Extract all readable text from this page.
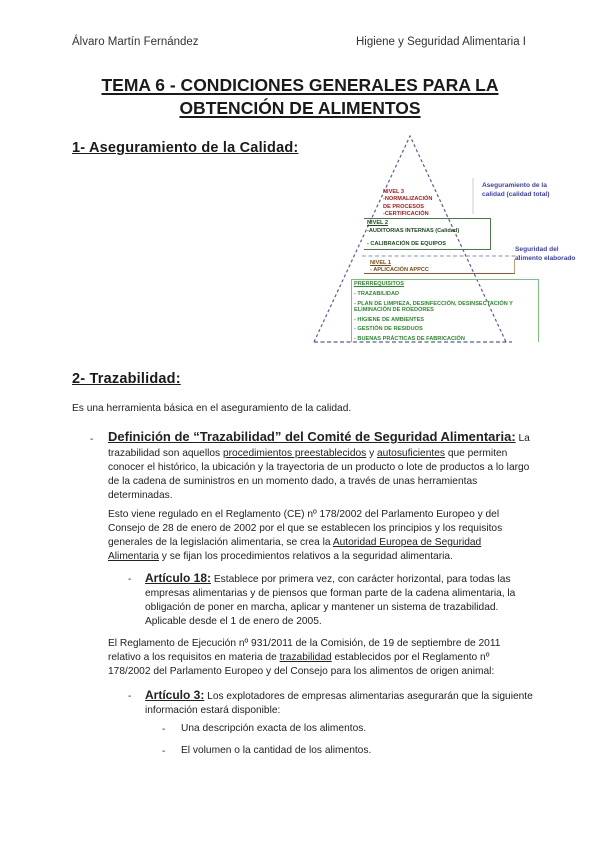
Álvaro Martín Fernández	Higiene y Seguridad Alimentaria I
TEMA 6 - CONDICIONES GENERALES PARA LA
OBTENCIÓN DE ALIMENTOS
1- Aseguramiento de la Calidad:
NIVEL 3
-NORMALIZACIÓN
DE PROCESOS
-CERTIFICACIÓN
NIVEL 2
-AUDITORIAS INTERNAS (Calidad)
- CALIBRACIÓN DE EQUIPOS
NIVEL 1
- APLICACIÓN APPCC
PRERREQUISITOS
- TRAZABILIDAD
- PLAN DE LIMPIEZA, DESINFECCIÓN, DESINSECTACIÓN Y ELIMINACIÓN DE ROEDORES
- HIGIENE DE AMBIENTES
- GESTIÓN DE RESIDUOS
- BUENAS PRÁCTICAS DE FABRICACIÓN
Aseguramiento de la
calidad (calidad total)
Seguridad del
alimento elaborado
2- Trazabilidad:
Es una herramienta básica en el aseguramiento de la calidad.
- Definición de “Trazabilidad” del Comité de Seguridad Alimentaria: La
trazabilidad son aquellos procedimientos preestablecidos y autosuficientes que permiten
conocer el histórico, la ubicación y la trayectoria de un producto o lote de productos a lo largo
de la cadena de suministros en un momento dado, a través de unas herramientas
determinadas.
Esto viene regulado en el Reglamento (CE) nº 178/2002 del Parlamento Europeo y del
Consejo de 28 de enero de 2002 por el que se establecen los principios y los requisitos
generales de la legislación alimentaria, se crea la Autoridad Europea de Seguridad
Alimentaria y se fijan los procedimientos relativos a la seguridad alimentaria.
- Artículo 18: Establece por primera vez, con carácter horizontal, para todas las
empresas alimentarias y de piensos que forman parte de la cadena alimentaria, la
obligación de poner en marcha, aplicar y mantener un sistema de trazabilidad.
Aplicable desde el 1 de enero de 2005.
El Reglamento de Ejecución nº 931/2011 de la Comisión, de 19 de septiembre de 2011
relativo a los requisitos en materia de trazabilidad establecidos por el Reglamento nº
178/2002 del Parlamento Europeo y del Consejo para los alimentos de origen animal:
- Artículo 3: Los explotadores de empresas alimentarias asegurarán que la siguiente
información estará disponible:
- Una descripción exacta de los alimentos.
- El volumen o la cantidad de los alimentos.
